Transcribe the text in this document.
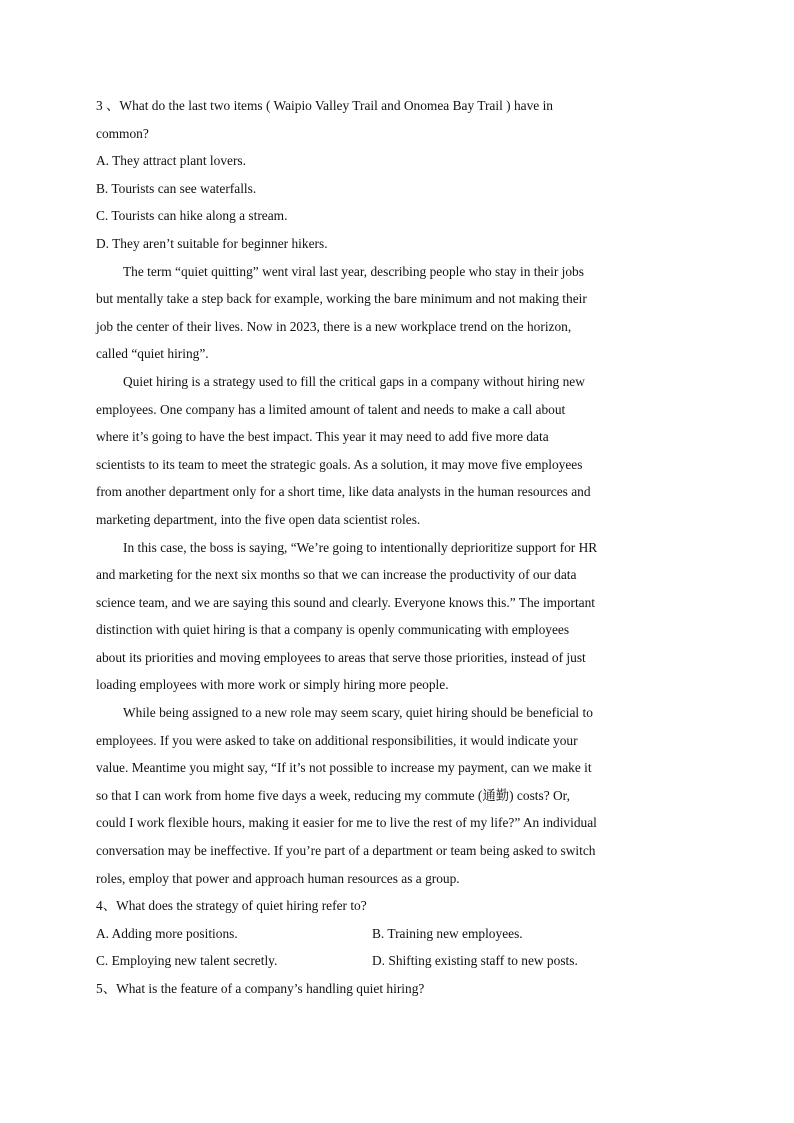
3 、What do the last two items ( Waipio Valley Trail and Onomea Bay Trail ) have in
common?
A. They attract plant lovers.
B. Tourists can see waterfalls.
C. Tourists can hike along a stream.
D. They aren’t suitable for beginner hikers.
The term “quiet quitting” went viral last year, describing people who stay in their jobs
but mentally take a step back for example, working the bare minimum and not making their
job the center of their lives. Now in 2023, there is a new workplace trend on the horizon,
called “quiet hiring”.
Quiet hiring is a strategy used to fill the critical gaps in a company without hiring new
employees. One company has a limited amount of talent and needs to make a call about
where it’s going to have the best impact. This year it may need to add five more data
scientists to its team to meet the strategic goals. As a solution, it may move five employees
from another department only for a short time, like data analysts in the human resources and
marketing department, into the five open data scientist roles.
In this case, the boss is saying, “We’re going to intentionally deprioritize support for HR
and marketing for the next six months so that we can increase the productivity of our data
science team, and we are saying this sound and clearly. Everyone knows this.” The important
distinction with quiet hiring is that a company is openly communicating with employees
about its priorities and moving employees to areas that serve those priorities, instead of just
loading employees with more work or simply hiring more people.
While being assigned to a new role may seem scary, quiet hiring should be beneficial to
employees. If you were asked to take on additional responsibilities, it would indicate your
value. Meantime you might say, “If it’s not possible to increase my payment, can we make it
so that I can work from home five days a week, reducing my commute (通勤) costs? Or,
could I work flexible hours, making it easier for me to live the rest of my life?” An individual
conversation may be ineffective. If you’re part of a department or team being asked to switch
roles, employ that power and approach human resources as a group.
4、What does the strategy of quiet hiring refer to?
A. Adding more positions.	B. Training new employees.
C. Employing new talent secretly.	D. Shifting existing staff to new posts.
5、What is the feature of a company’s handling quiet hiring?
